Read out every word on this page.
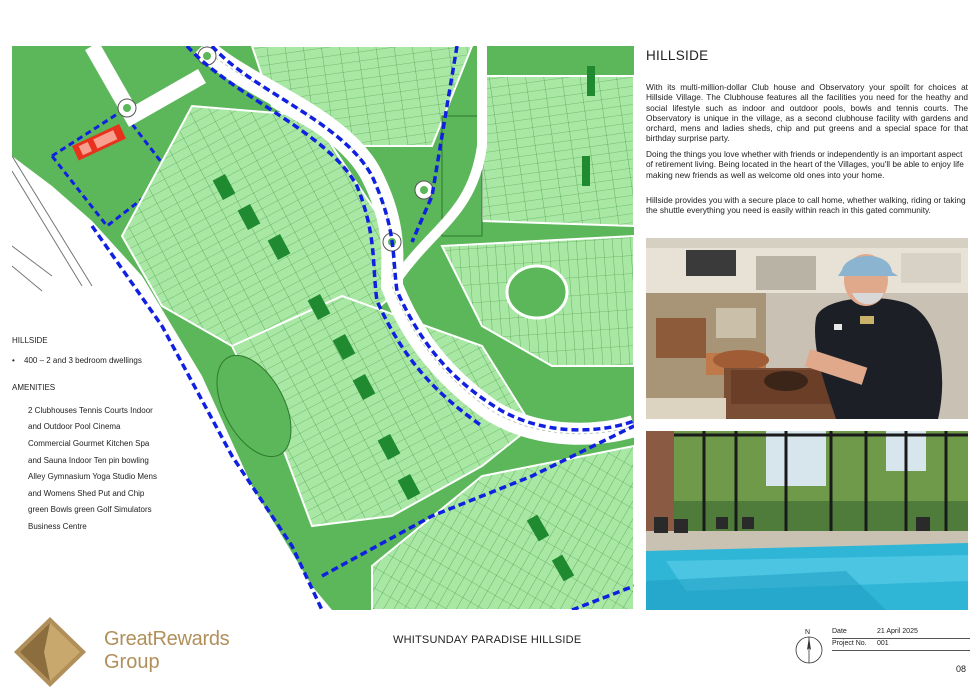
HILLSIDE
• 400 – 2 and 3 bedroom dwellings
AMENITIES
2 Clubhouses Tennis Courts Indoor
and Outdoor Pool Cinema
Commercial Gourmet Kitchen Spa
and Sauna Indoor Ten pin bowling
Alley Gymnasium Yoga Studio Mens
and Womens Shed Put and Chip
green Bowls green Golf Simulators
Business Centre
HILLSIDE

With its multi-million-dollar Club house and Observatory your spoilt for choices at Hillside Village. The Clubhouse features all the facilities you need for the heathy and social lifestyle such as indoor and outdoor pools, bowls and tennis courts. The Observatory is unique in the village, as a second clubhouse facility with gardens and orchard, mens and ladies sheds, chip and put greens and a special space for that birthday surprise party.

Doing the things you love whether with friends or independently is an important aspect of retirement living. Being located in the heart of the Villages, you'll be able to enjoy life making new friends as well as welcome old ones into your home.

Hillside provides you with a secure place to call home, whether walking, riding or taking the shuttle everything you need is easily within reach in this gated community.

GreatRewards
Group
WHITSUNDAY PARADISE HILLSIDE
N	Date	21 April 2025
Project No. 001
08
